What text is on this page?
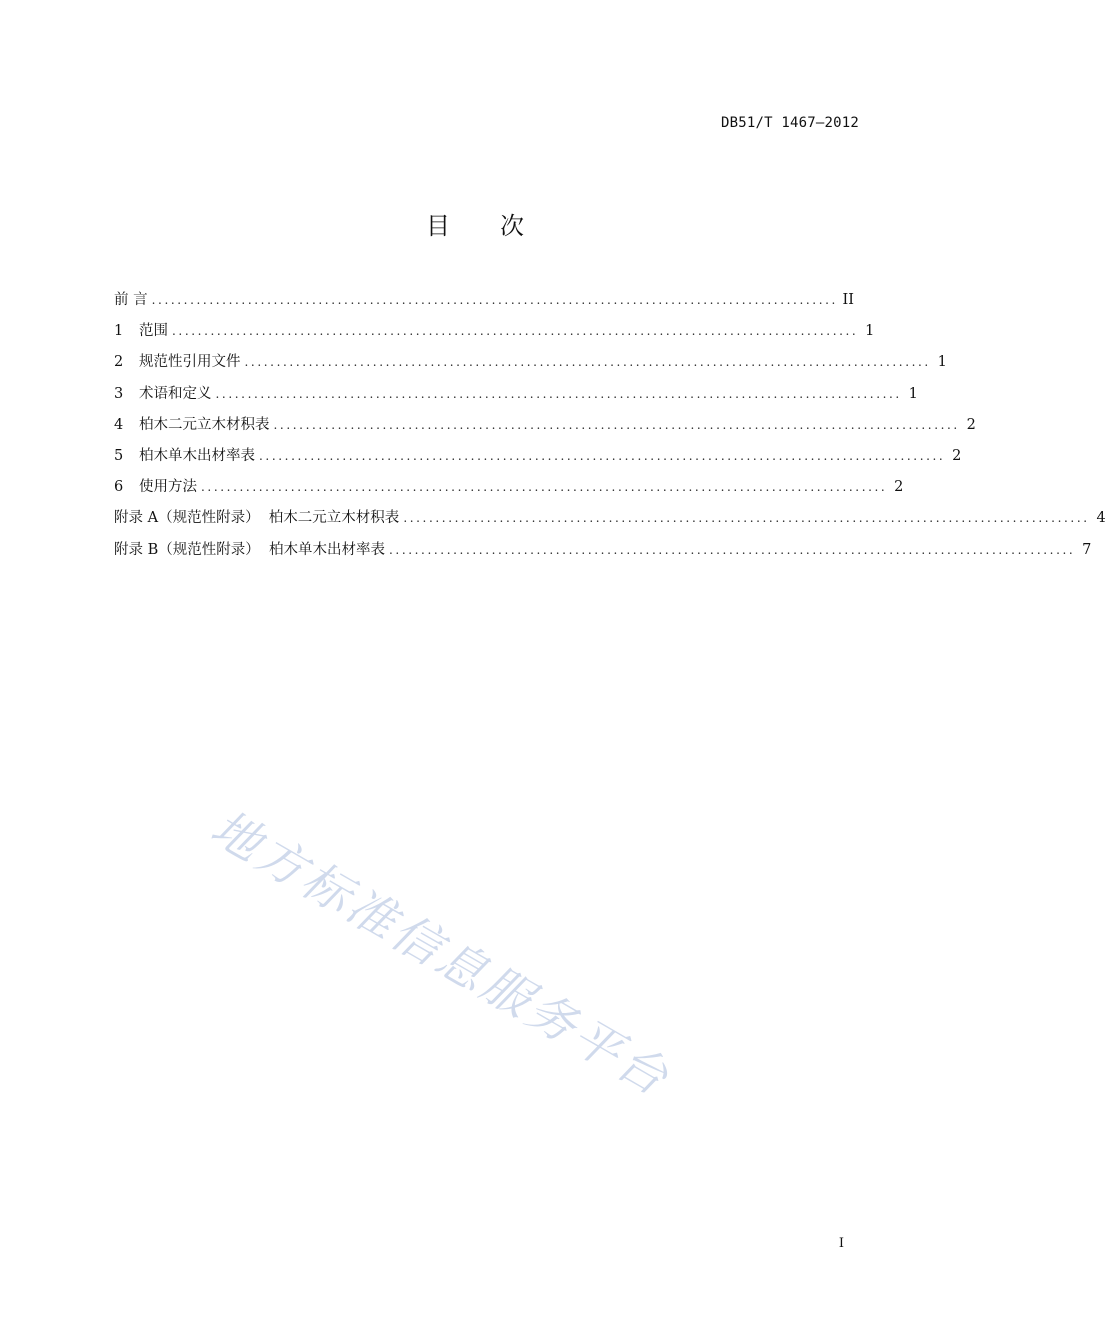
DB51/T 1467—2012
目 次
前 言 ........................................................................................................... II
1 范围 ........................................................................................................... 1
2 规范性引用文件 ........................................................................................................... 1
3 术语和定义 ........................................................................................................... 1
4 柏木二元立木材积表 ........................................................................................................... 2
5 柏木单木出材率表 ........................................................................................................... 2
6 使用方法 ........................................................................................................... 2
附录 A（规范性附录）  柏木二元立木材积表 ........................................................................................................... 4
附录 B（规范性附录）  柏木单木出材率表 ........................................................................................................... 7
地方标准信息服务平台
I
